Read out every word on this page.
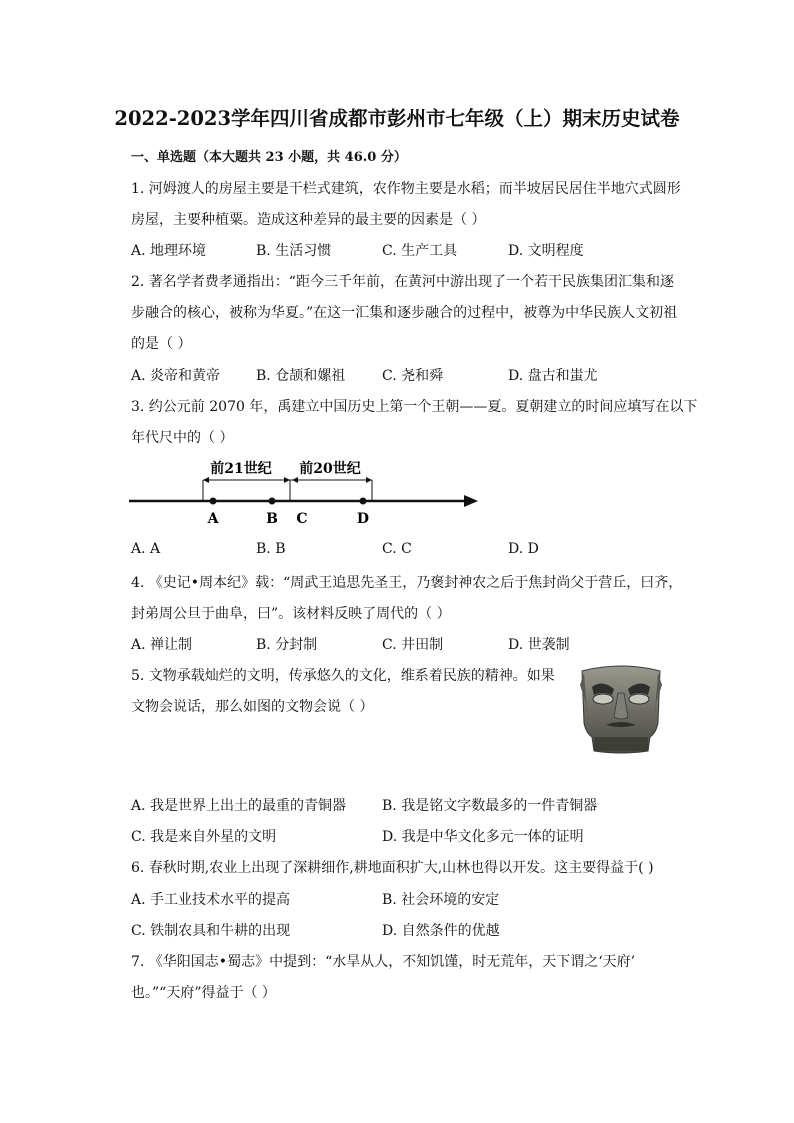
2022-2023学年四川省成都市彭州市七年级（上）期末历史试卷
一、单选题（本大题共 23 小题，共 46.0 分）
1. 河姆渡人的房屋主要是干栏式建筑，农作物主要是水稻；而半坡居民居住半地穴式圆形
房屋，主要种植粟。造成这种差异的最主要的因素是（ ）
A. 地理环境	B. 生活习惯	C. 生产工具	D. 文明程度
2. 著名学者费孝通指出：“距今三千年前，在黄河中游出现了一个若干民族集团汇集和逐
步融合的核心，被称为华夏。”在这一汇集和逐步融合的过程中，被尊为中华民族人文初祖
的是（ ）
A. 炎帝和黄帝	B. 仓颉和嫘祖	C. 尧和舜	D. 盘古和蚩尤
3. 约公元前 2070 年，禹建立中国历史上第一个王朝——夏。夏朝建立的时间应填写在以下
年代尺中的（ ）
前21世纪 前20世纪
A	B C	D
A. A	B. B	C. C	D. D
4. 《史记•周本纪》载：“周武王追思先圣王，乃褒封神农之后于焦封尚父于营丘，曰齐，
封弟周公旦于曲阜，曰”。该材料反映了周代的（ ）
A. 禅让制	B. 分封制	C. 井田制	D. 世袭制
5. 文物承载灿烂的文明，传承悠久的文化，维系着民族的精神。如果
文物会说话，那么如图的文物会说（ ）
A. 我是世界上出土的最重的青铜器	B. 我是铭文字数最多的一件青铜器
C. 我是来自外星的文明	D. 我是中华文化多元一体的证明
6. 春秋时期,农业上出现了深耕细作,耕地面积扩大,山林也得以开发。这主要得益于( )
A. 手工业技术水平的提高	B. 社会环境的安定
C. 铁制农具和牛耕的出现	D. 自然条件的优越
7. 《华阳国志•蜀志》中提到：“水旱从人，不知饥馑，时无荒年，天下谓之‘天府’
也。”“天府”得益于（ ）
